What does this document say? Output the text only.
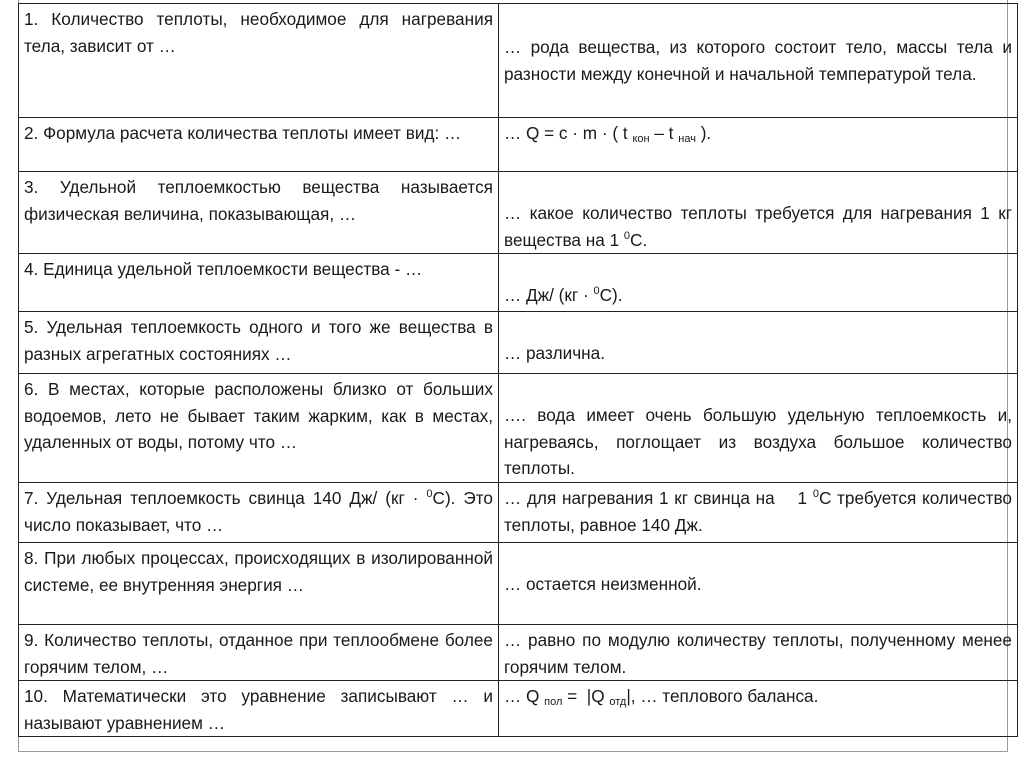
1. Количество теплоты, необходимое для нагревания тела, зависит от …	… рода вещества, из которого состоит тело, массы тела и разности между конечной и начальной температурой тела.
2. Формула расчета количества теплоты имеет вид: …	… Q = c · m · ( t $_{кон}$ – t $_{нач}$ ).
3. Удельной теплоемкостью вещества называется физическая величина, показывающая, …	… какое количество теплоты требуется для нагревания 1 кг вещества на 1 $^0$С.
4. Единица удельной теплоемкости вещества - …	… Дж/ (кг · $^0$С).
5. Удельная теплоемкость одного и того же вещества в разных агрегатных состояниях …	… различна.
6. В местах, которые расположены близко от больших водоемов, лето не бывает таким жарким, как в местах, удаленных от воды, потому что …	…. вода имеет очень большую удельную теплоемкость и, нагреваясь, поглощает из воздуха большое количество теплоты.
7. Удельная теплоемкость свинца 140 Дж/ (кг · $^0$С). Это число показывает, что …	… для нагревания 1 кг свинца на    1 $^0$С требуется количество теплоты, равное 140 Дж.
8. При любых процессах, происходящих в изолированной системе, ее внутренняя энергия …	… остается неизменной.
9. Количество теплоты, отданное при теплообмене более горячим телом, …	… равно по модулю количеству теплоты, полученному менее горячим телом.
10. Математически это уравнение записывают … и называют уравнением …	… Q $_{пол}$ =  |Q $_{отд}$|, … теплового баланса.
